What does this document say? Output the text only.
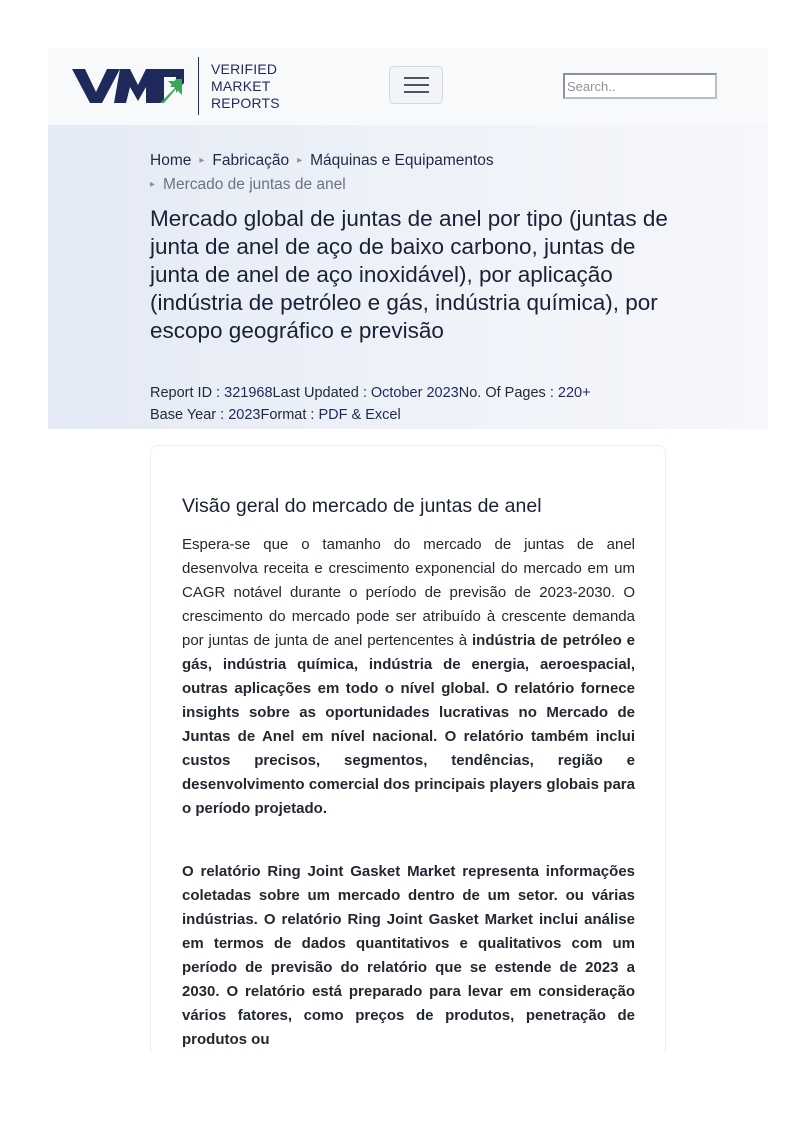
VERIFIED
MARKET
REPORTS
Search..
Home ▸ Fabricação ▸ Máquinas e Equipamentos
▸ Mercado de juntas de anel
Mercado global de juntas de anel por tipo (juntas de junta de anel de aço de baixo carbono, juntas de junta de anel de aço inoxidável), por aplicação (indústria de petróleo e gás, indústria química), por escopo geográfico e previsão
Report ID : 321968Last Updated : October 2023No. Of Pages : 220+
Base Year : 2023Format : PDF & Excel
Visão geral do mercado de juntas de anel

Espera-se que o tamanho do mercado de juntas de anel desenvolva receita e crescimento exponencial do mercado em um CAGR notável durante o período de previsão de 2023-2030. O crescimento do mercado pode ser atribuído à crescente demanda por juntas de junta de anel pertencentes à indústria de petróleo e gás, indústria química, indústria de energia, aeroespacial, outras aplicações em todo o nível global. O relatório fornece insights sobre as oportunidades lucrativas no Mercado de Juntas de Anel em nível nacional. O relatório também inclui custos precisos, segmentos, tendências, região e desenvolvimento comercial dos principais players globais para o período projetado.

O relatório Ring Joint Gasket Market representa informações coletadas sobre um mercado dentro de um setor. ou várias indústrias. O relatório Ring Joint Gasket Market inclui análise em termos de dados quantitativos e qualitativos com um período de previsão do relatório que se estende de 2023 a 2030. O relatório está preparado para levar em consideração vários fatores, como preços de produtos, penetração de produtos ou
